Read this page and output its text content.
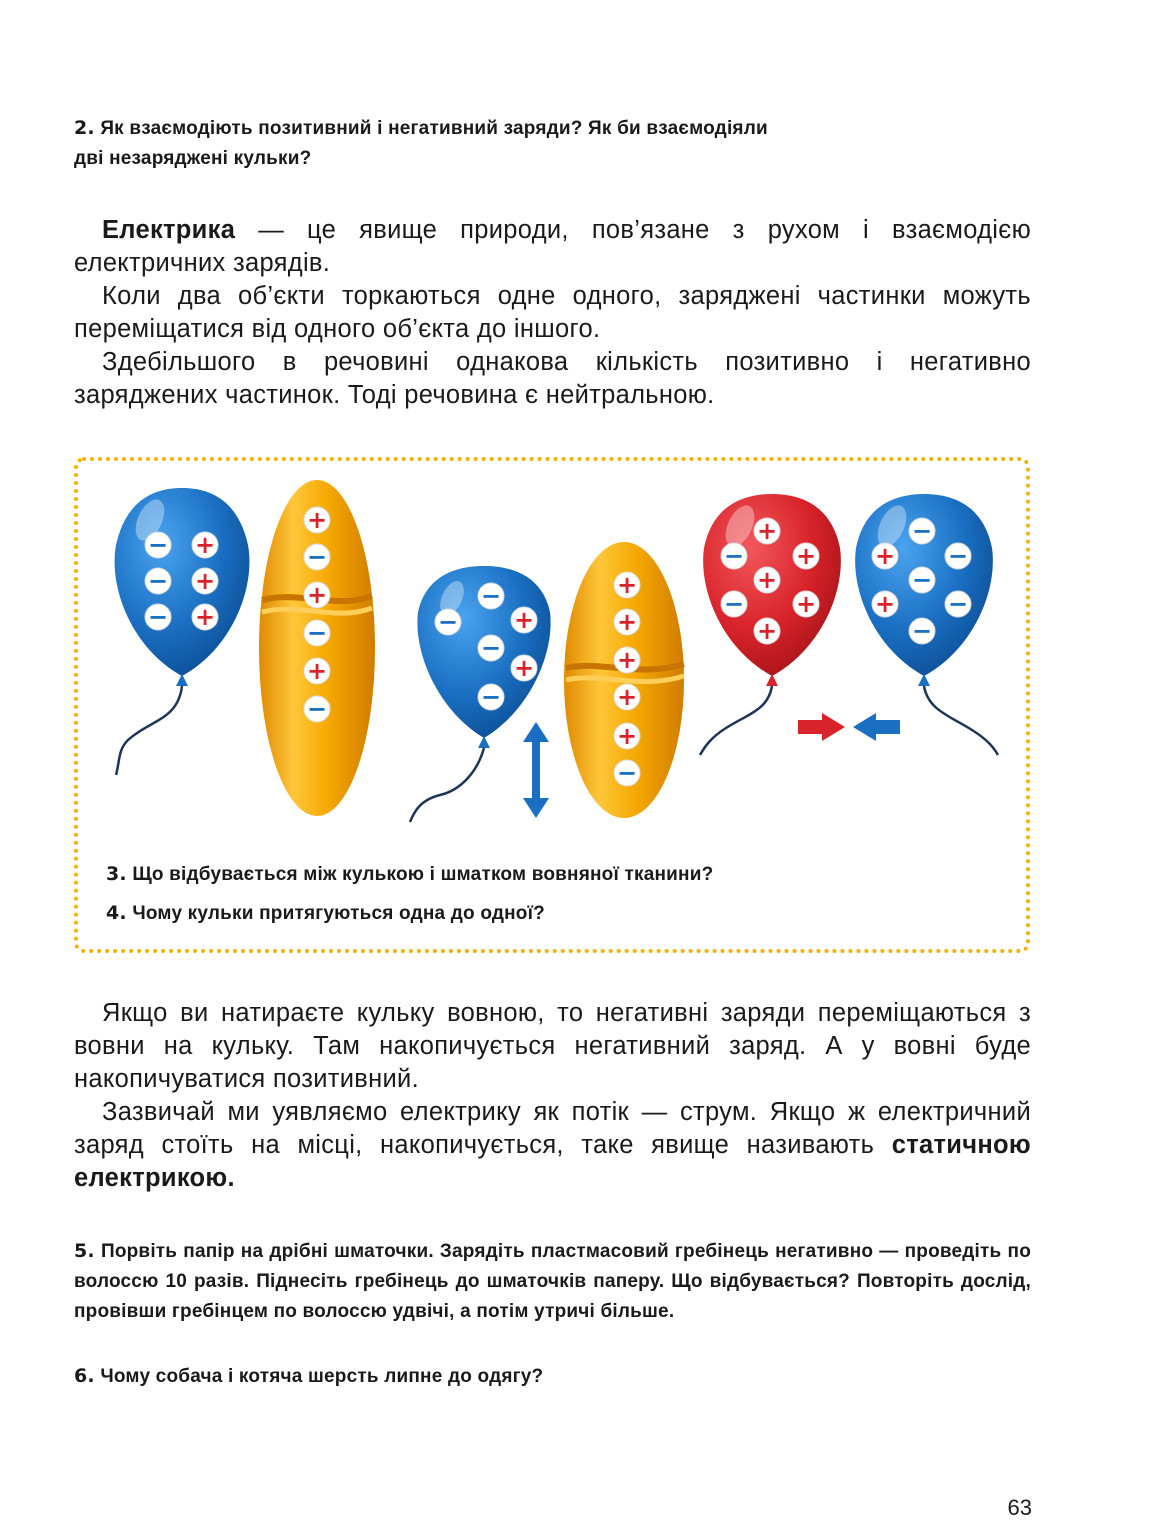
2. Як взаємодіють позитивний і негативний заряди? Як би взаємодіяли
дві незаряджені кульки?

Електрика — це явище природи, пов’язане з рухом і взаємодією електричних зарядів.

Коли два об’єкти торкаються одне одного, заряджені частинки можуть переміщатися від одного об’єкта до іншого.

Здебільшого в речовині однакова кількість позитивно і негативно заряджених частинок. Тоді речовина є нейтральною.

− +
− +
− +
+
−
+
−
+
−
−
− +
−
+
−
+
+
+
+
+
−
+
− +
+
− +
+
−
+ −
−
+ −
−
3. Що відбувається між кулькою і шматком вовняної тканини?
4. Чому кульки притягуються одна до одної?

Якщо ви натираєте кульку вовною, то негативні заряди переміщаються з вовни на кульку. Там накопичується негативний заряд. А у вовні буде накопичуватися позитивний.

Зазвичай ми уявляємо електрику як потік — струм. Якщо ж електричний заряд стоїть на місці, накопичується, таке явище називають статичною електрикою.

5. Порвіть папір на дрібні шматочки. Зарядіть пластмасовий гребінець негативно — проведіть по волоссю 10 разів. Піднесіть гребінець до шматочків паперу. Що відбувається? Повторіть дослід, провівши гребінцем по волоссю удвічі, а потім утричі більше.
6. Чому собача і котяча шерсть липне до одягу?
63
